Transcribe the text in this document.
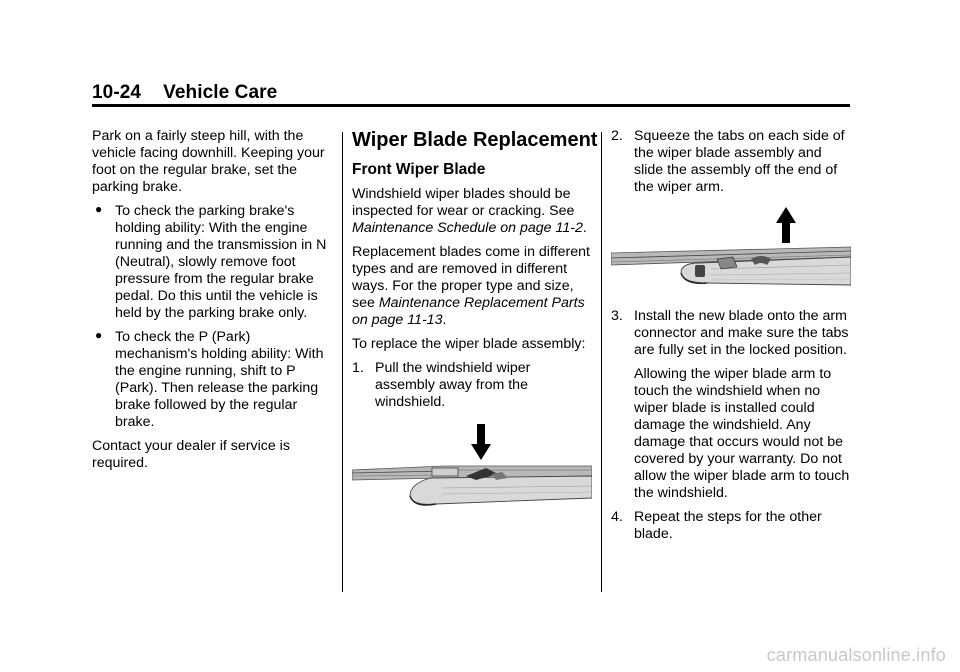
10-24 Vehicle Care

Park on a fairly steep hill, with the vehicle facing downhill. Keeping your foot on the regular brake, set the parking brake.

● To check the parking brake's holding ability: With the engine running and the transmission in N (Neutral), slowly remove foot pressure from the regular brake pedal. Do this until the vehicle is held by the parking brake only.
● To check the P (Park) mechanism's holding ability: With the engine running, shift to P (Park). Then release the parking brake followed by the regular brake.

Contact your dealer if service is required.

Wiper Blade Replacement
Front Wiper Blade

Windshield wiper blades should be inspected for wear or cracking. See Maintenance Schedule on page 11-2.

Replacement blades come in different types and are removed in different ways. For the proper type and size, see Maintenance Replacement Parts on page 11-13.

To replace the wiper blade assembly:

1. Pull the windshield wiper assembly away from the windshield.
2. Squeeze the tabs on each side of the wiper blade assembly and slide the assembly off the end of the wiper arm.
3. Install the new blade onto the arm connector and make sure the tabs are fully set in the locked position.

Allowing the wiper blade arm to touch the windshield when no wiper blade is installed could damage the windshield. Any damage that occurs would not be covered by your warranty. Do not allow the wiper blade arm to touch the windshield.

4. Repeat the steps for the other blade.
carmanualsonline.info
